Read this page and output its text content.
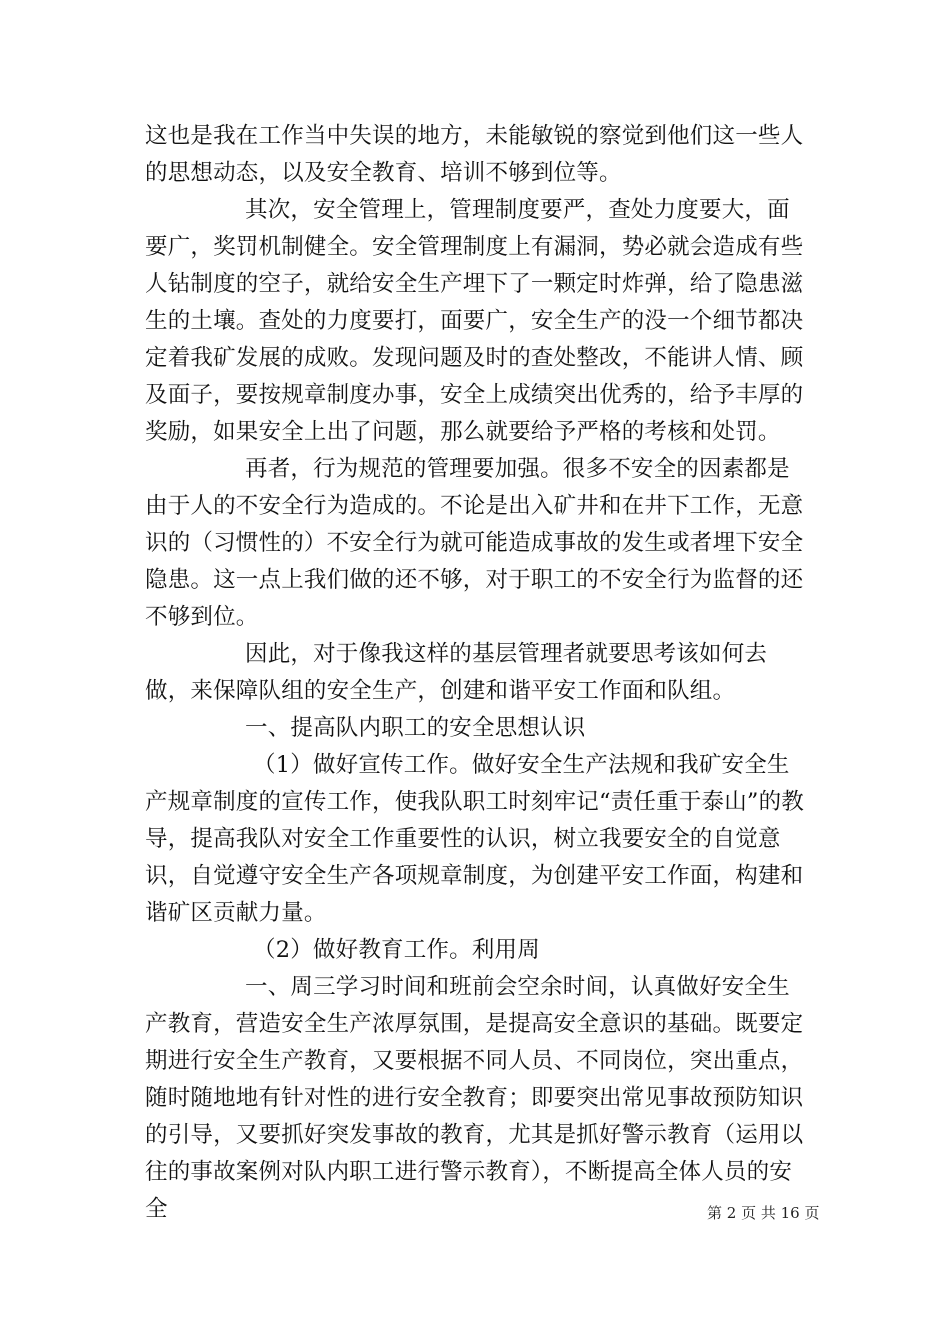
这也是我在工作当中失误的地方，未能敏锐的察觉到他们这一些人的思想动态，以及安全教育、培训不够到位等。

其次，安全管理上，管理制度要严，查处力度要大，面要广，奖罚机制健全。安全管理制度上有漏洞，势必就会造成有些人钻制度的空子，就给安全生产埋下了一颗定时炸弹，给了隐患滋生的土壤。查处的力度要打，面要广，安全生产的没一个细节都决定着我矿发展的成败。发现问题及时的查处整改，不能讲人情、顾及面子，要按规章制度办事，安全上成绩突出优秀的，给予丰厚的奖励，如果安全上出了问题，那么就要给予严格的考核和处罚。

再者，行为规范的管理要加强。很多不安全的因素都是由于人的不安全行为造成的。不论是出入矿井和在井下工作，无意识的（习惯性的）不安全行为就可能造成事故的发生或者埋下安全隐患。这一点上我们做的还不够，对于职工的不安全行为监督的还不够到位。

因此，对于像我这样的基层管理者就要思考该如何去做，来保障队组的安全生产，创建和谐平安工作面和队组。

一、提高队内职工的安全思想认识

（1）做好宣传工作。做好安全生产法规和我矿安全生产规章制度的宣传工作，使我队职工时刻牢记“责任重于泰山”的教导，提高我队对安全工作重要性的认识，树立我要安全的自觉意识，自觉遵守安全生产各项规章制度，为创建平安工作面，构建和谐矿区贡献力量。

（2）做好教育工作。利用周

一、周三学习时间和班前会空余时间，认真做好安全生产教育，营造安全生产浓厚氛围，是提高安全意识的基础。既要定期进行安全生产教育，又要根据不同人员、不同岗位，突出重点，随时随地地有针对性的进行安全教育；即要突出常见事故预防知识的引导，又要抓好突发事故的教育，尤其是抓好警示教育（运用以往的事故案例对队内职工进行警示教育），不断提高全体人员的安全	第 2 页 共 16 页
